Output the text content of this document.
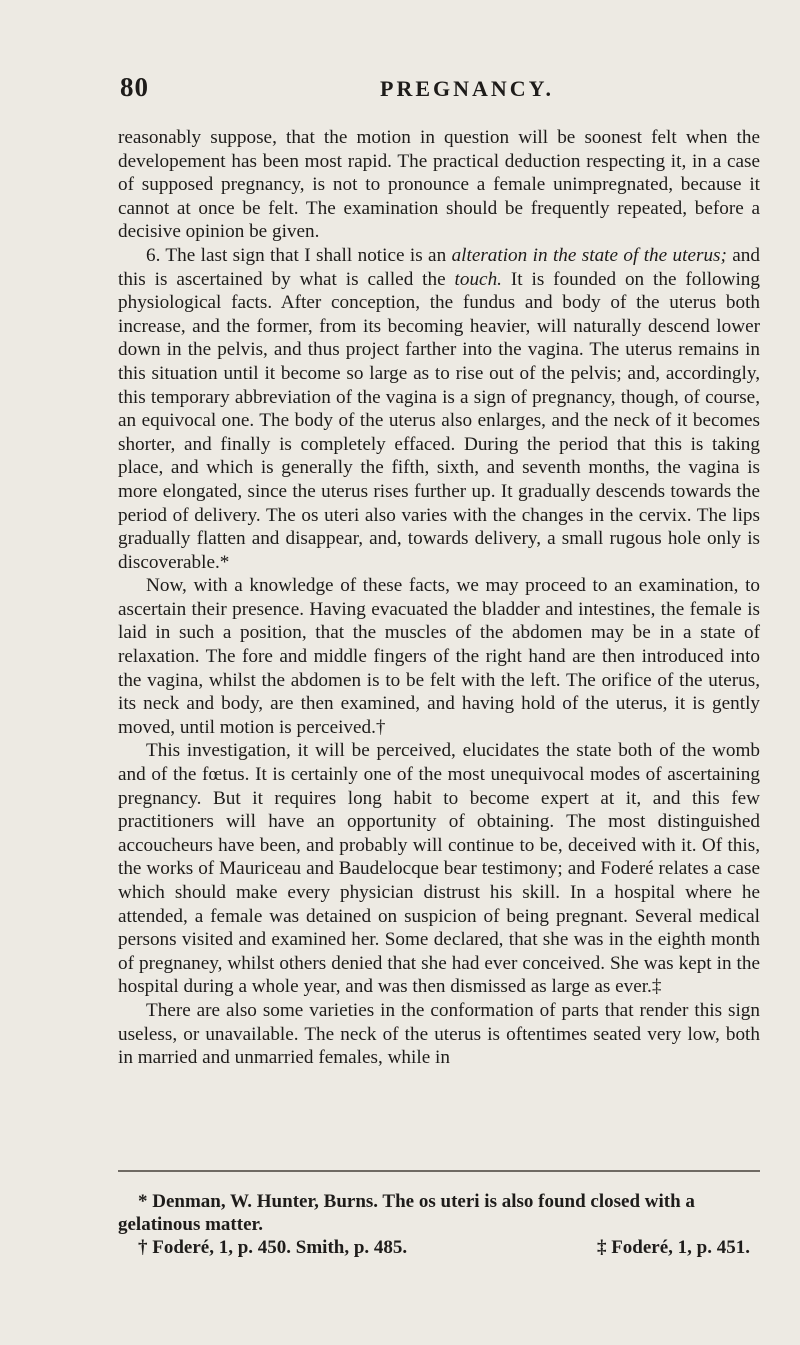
80	PREGNANCY.

reasonably suppose, that the motion in question will be soonest felt when the developement has been most rapid. The practical deduction respecting it, in a case of supposed pregnancy, is not to pronounce a female unimpregnated, because it cannot at once be felt. The examination should be frequently repeated, before a decisive opinion be given.

6. The last sign that I shall notice is an alteration in the state of the uterus; and this is ascertained by what is called the touch. It is founded on the following physiological facts. After conception, the fundus and body of the uterus both increase, and the former, from its becoming heavier, will naturally descend lower down in the pelvis, and thus project farther into the vagina. The uterus remains in this situation until it become so large as to rise out of the pelvis; and, accordingly, this temporary abbreviation of the vagina is a sign of pregnancy, though, of course, an equivocal one. The body of the uterus also enlarges, and the neck of it becomes shorter, and finally is completely effaced. During the period that this is taking place, and which is generally the fifth, sixth, and seventh months, the vagina is more elongated, since the uterus rises further up. It gradually descends towards the period of delivery. The os uteri also varies with the changes in the cervix. The lips gradually flatten and disappear, and, towards delivery, a small rugous hole only is discoverable.*

Now, with a knowledge of these facts, we may proceed to an examination, to ascertain their presence. Having evacuated the bladder and intestines, the female is laid in such a position, that the muscles of the abdomen may be in a state of relaxation. The fore and middle fingers of the right hand are then introduced into the vagina, whilst the abdomen is to be felt with the left. The orifice of the uterus, its neck and body, are then examined, and having hold of the uterus, it is gently moved, until motion is perceived.†

This investigation, it will be perceived, elucidates the state both of the womb and of the fœtus. It is certainly one of the most unequivocal modes of ascertaining pregnancy. But it requires long habit to become expert at it, and this few practitioners will have an opportunity of obtaining. The most distinguished accoucheurs have been, and probably will continue to be, deceived with it. Of this, the works of Mauriceau and Baudelocque bear testimony; and Foderé relates a case which should make every physician distrust his skill. In a hospital where he attended, a female was detained on suspicion of being pregnant. Several medical persons visited and examined her. Some declared, that she was in the eighth month of pregnaney, whilst others denied that she had ever conceived. She was kept in the hospital during a whole year, and was then dismissed as large as ever.‡

There are also some varieties in the conformation of parts that render this sign useless, or unavailable. The neck of the uterus is oftentimes seated very low, both in married and unmarried females, while in

* Denman, W. Hunter, Burns. The os uteri is also found closed with a gelatinous matter.

† Foderé, 1, p. 450. Smith, p. 485.	‡ Foderé, 1, p. 451.
